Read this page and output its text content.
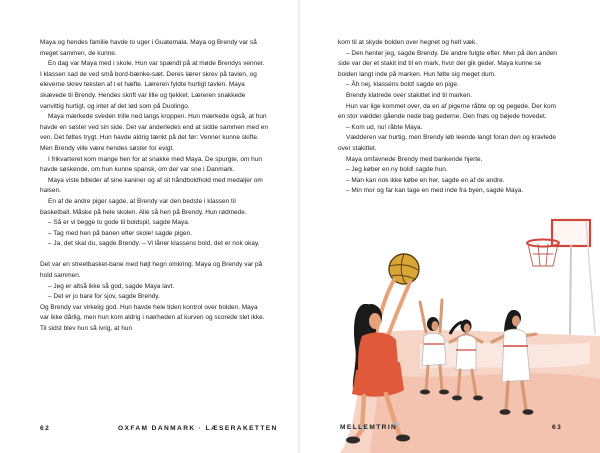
Maya og hendes familie havde to uger i Guatemala. Maya og Brendy var så meget sammen, de kunne.

En dag var Maya med i skole. Hun var spændt på at møde Brendys venner. I klassen sad de ved små bord-bænke-sæt. Deres lærer skrev på tavlen, og eleverne skrev teksten af i et hæfte. Læreren fyldte hurtigt tavlen. Maya skævede til Brendy. Hendes skrift var lille og tjekket. Læreren snakkede vanvittig hurtigt, og intet af det lød som på Duolingo.

Maya mærkede sveden trille ned langs kroppen. Hun mærkede også, at hun havde en søster ved sin side. Det var anderledes end at sidde sammen med en ven. Det føltes trygt. Hun havde aldrig tænkt på det før: Venner kunne skifte. Men Brendy ville være hendes søster for evigt.

I frikvarteret kom mange hen for at snakke med Maya. De spurgte, om hun havde søskende, om hun kunne spansk, om der var sne i Danmark.

Maya viste billeder af sine kaniner og af sit håndboldhold med medaljer om halsen.

En af de andre piger sagde, at Brendy var den bedste i klassen til basketball. Måske på hele skolen. Alle så hen på Brendy. Hun rødmede.

– Så er vi begge to gode til boldspil, sagde Maya.

– Tag med hen på banen efter skole! sagde pigen.

– Ja, det skal du, sagde Brendy. – Vi låner klassens bold, det er nok okay.

Det var en streetbasket-bane med højt hegn omkring. Maya og Brendy var på hold sammen.

– Jeg er altså ikke så god, sagde Maya lavt.

– Det er jo bare for sjov, sagde Brendy.

Og Brendy var virkelig god. Hun havde hele tiden kontrol over bolden. Maya var ikke dårlig, men hun kom aldrig i nærheden af kurven og scorede slet ikke. Til sidst blev hun så ivrig, at hun

62	OXFAM DANMARK · LÆSERAKETTEN

kom til at skyde bolden over hegnet og helt væk.

– Den henter jeg, sagde Brendy. De andre fulgte efter. Men på den anden side var der et stakit ind til en mark, hvor der gik geder. Maya kunne se bolden langt inde på marken. Hun følte sig meget dum.

– Åh nej, klassens bold! sagde en pige.

Brendy klatrede over stakittet ind til marken.

Hun var lige kommet over, da en af pigerne råbte op og pegede. Der kom en stor vædder gående nede bag gederne. Den fnøs og bøjede hovedet.

– Kom ud, nu! råbte Maya.

Vædderen var hurtig, men Brendy løb leende langt foran den og kravlede over stakittet.

Maya omfavnede Brendy med bankende hjerte.

– Jeg køber en ny bold! sagde hun.

– Man kan nok ikke købe en her, sagde en af de andre.

– Min mor og far kan tage en med inde fra byen, sagde Maya.

MELLEMTRIN	63
